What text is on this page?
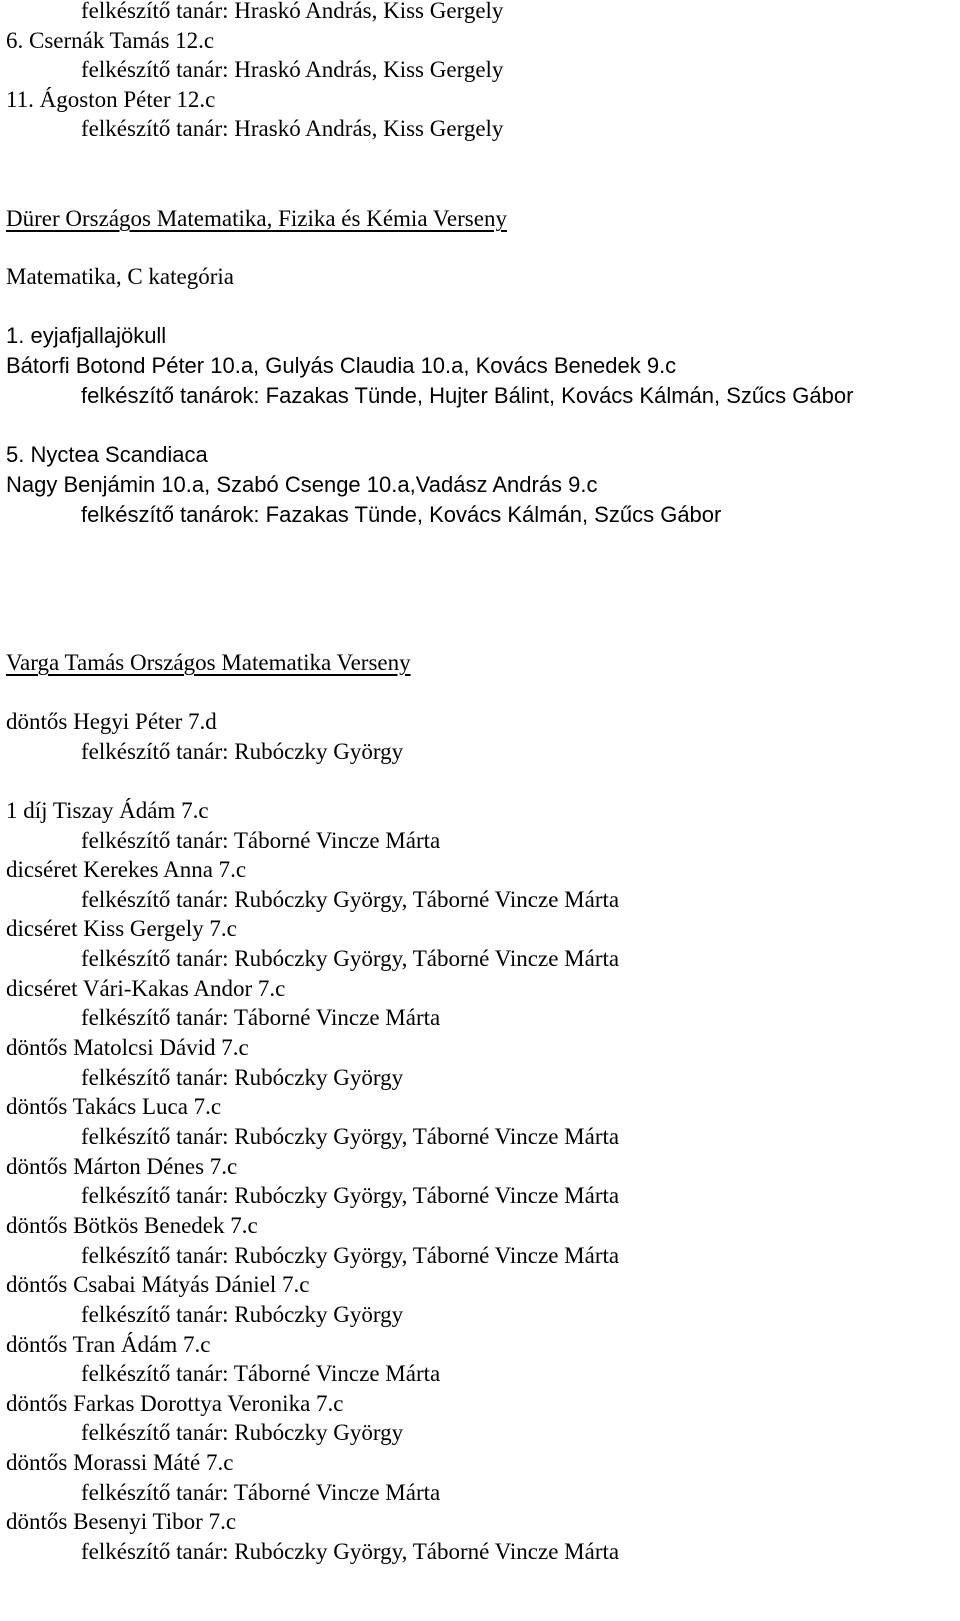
felkészítő tanár: Hraskó András, Kiss Gergely
6. Csernák Tamás 12.c
felkészítő tanár: Hraskó András, Kiss Gergely
11. Ágoston Péter 12.c
felkészítő tanár: Hraskó András, Kiss Gergely
Dürer Országos Matematika, Fizika és Kémia Verseny
Matematika, C kategória
1. eyjafjallajökull
Bátorfi Botond Péter 10.a, Gulyás Claudia 10.a, Kovács Benedek 9.c
felkészítő tanárok: Fazakas Tünde, Hujter Bálint, Kovács Kálmán, Szűcs Gábor
5. Nyctea Scandiaca
Nagy Benjámin 10.a, Szabó Csenge 10.a,Vadász András 9.c
felkészítő tanárok: Fazakas Tünde, Kovács Kálmán, Szűcs Gábor
Varga Tamás Országos Matematika Verseny
döntős Hegyi Péter 7.d
felkészítő tanár: Rubóczky György
1 díj Tiszay Ádám 7.c
felkészítő tanár: Táborné Vincze Márta
dicséret Kerekes Anna 7.c
felkészítő tanár: Rubóczky György, Táborné Vincze Márta
dicséret Kiss Gergely 7.c
felkészítő tanár: Rubóczky György, Táborné Vincze Márta
dicséret Vári-Kakas Andor 7.c
felkészítő tanár: Táborné Vincze Márta
döntős Matolcsi Dávid 7.c
felkészítő tanár: Rubóczky György
döntős Takács Luca 7.c
felkészítő tanár: Rubóczky György, Táborné Vincze Márta
döntős Márton Dénes 7.c
felkészítő tanár: Rubóczky György, Táborné Vincze Márta
döntős Bötkös Benedek 7.c
felkészítő tanár: Rubóczky György, Táborné Vincze Márta
döntős Csabai Mátyás Dániel 7.c
felkészítő tanár: Rubóczky György
döntős Tran Ádám 7.c
felkészítő tanár: Táborné Vincze Márta
döntős Farkas Dorottya Veronika 7.c
felkészítő tanár: Rubóczky György
döntős Morassi Máté 7.c
felkészítő tanár: Táborné Vincze Márta
döntős Besenyi Tibor 7.c
felkészítő tanár: Rubóczky György, Táborné Vincze Márta
